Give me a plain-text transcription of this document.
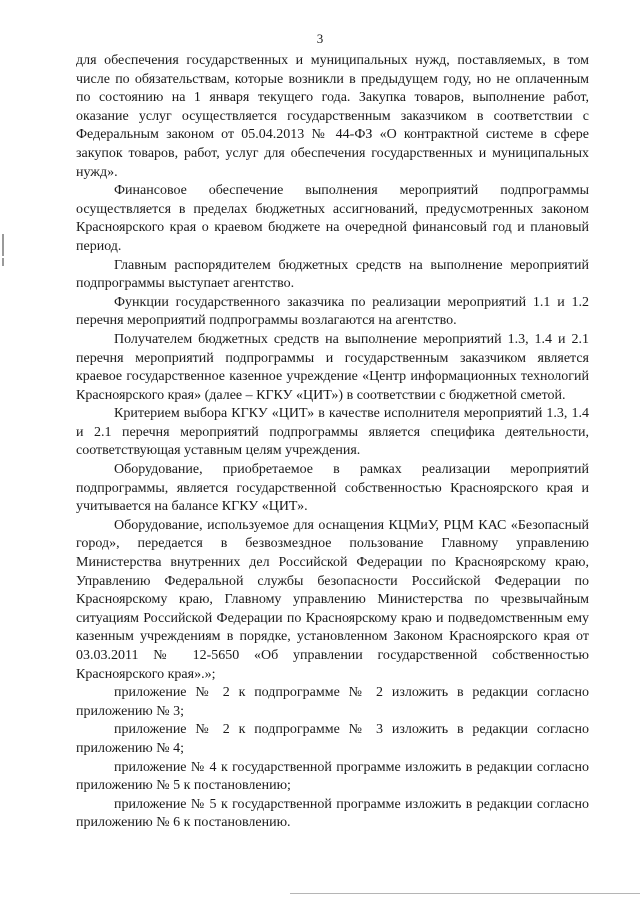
3

для обеспечения государственных и муниципальных нужд, поставляемых, в том числе по обязательствам, которые возникли в предыдущем году, но не оплаченным по состоянию на 1 января текущего года. Закупка товаров, выполнение работ, оказание услуг осуществляется государственным заказчиком в соответствии с Федеральным законом от 05.04.2013 № 44-ФЗ «О контрактной системе в сфере закупок товаров, работ, услуг для обеспечения государственных и муниципальных нужд».

Финансовое обеспечение выполнения мероприятий подпрограммы осуществляется в пределах бюджетных ассигнований, предусмотренных законом Красноярского края о краевом бюджете на очередной финансовый год и плановый период.

Главным распорядителем бюджетных средств на выполнение мероприятий подпрограммы выступает агентство.

Функции государственного заказчика по реализации мероприятий 1.1 и 1.2 перечня мероприятий подпрограммы возлагаются на агентство.

Получателем бюджетных средств на выполнение мероприятий 1.3, 1.4 и 2.1 перечня мероприятий подпрограммы и государственным заказчиком является краевое государственное казенное учреждение «Центр информационных технологий Красноярского края» (далее – КГКУ «ЦИТ») в соответствии с бюджетной сметой.

Критерием выбора КГКУ «ЦИТ» в качестве исполнителя мероприятий 1.3, 1.4 и 2.1 перечня мероприятий подпрограммы является специфика деятельности, соответствующая уставным целям учреждения.

Оборудование, приобретаемое в рамках реализации мероприятий подпрограммы, является государственной собственностью Красноярского края и учитывается на балансе КГКУ «ЦИТ».

Оборудование, используемое для оснащения КЦМиУ, РЦМ КАС «Безопасный город», передается в безвозмездное пользование Главному управлению Министерства внутренних дел Российской Федерации по Красноярскому краю, Управлению Федеральной службы безопасности Российской Федерации по Красноярскому краю, Главному управлению Министерства по чрезвычайным ситуациям Российской Федерации по Красноярскому краю и подведомственным ему казенным учреждениям в порядке, установленном Законом Красноярского края от 03.03.2011 № 12-5650 «Об управлении государственной собственностью Красноярского края».»;

приложение № 2 к подпрограмме № 2 изложить в редакции согласно приложению № 3;

приложение № 2 к подпрограмме № 3 изложить в редакции согласно приложению № 4;

приложение № 4 к государственной программе изложить в редакции согласно приложению № 5 к постановлению;

приложение № 5 к государственной программе изложить в редакции согласно приложению № 6 к постановлению.
